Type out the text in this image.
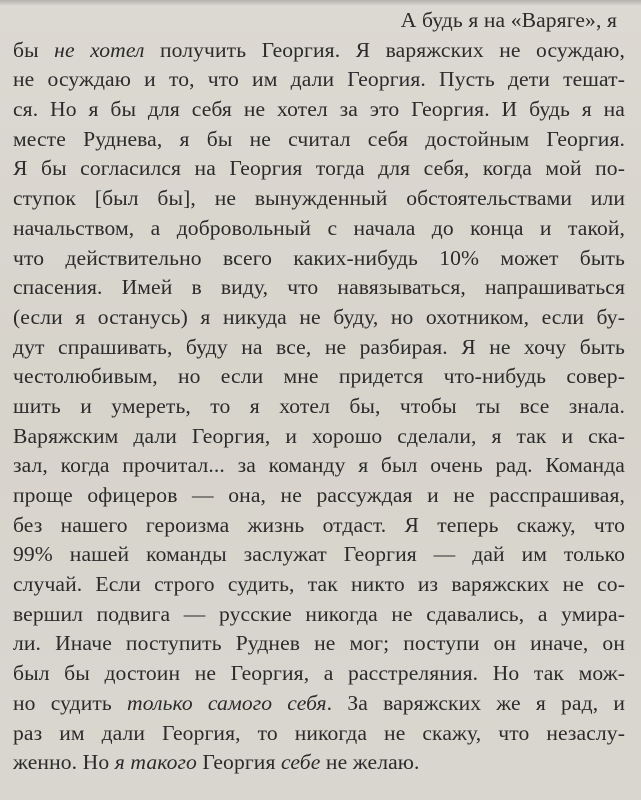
А будь я на «Варяге», я
бы не хотел получить Георгия. Я варяжских не осуждаю,
не осуждаю и то, что им дали Георгия. Пусть дети тешат-
ся. Но я бы для себя не хотел за это Георгия. И будь я на
месте Руднева, я бы не считал себя достойным Георгия.
Я бы согласился на Георгия тогда для себя, когда мой по-
ступок [был бы], не вынужденный обстоятельствами или
начальством, а добровольный с начала до конца и такой,
что действительно всего каких-нибудь 10% может быть
спасения. Имей в виду, что навязываться, напрашиваться
(если я останусь) я никуда не буду, но охотником, если бу-
дут спрашивать, буду на все, не разбирая. Я не хочу быть
честолюбивым, но если мне придется что-нибудь совер-
шить и умереть, то я хотел бы, чтобы ты все знала.
Варяжским дали Георгия, и хорошо сделали, я так и ска-
зал, когда прочитал... за команду я был очень рад. Команда
проще офицеров — она, не рассуждая и не расспрашивая,
без нашего героизма жизнь отдаст. Я теперь скажу, что
99% нашей команды заслужат Георгия — дай им только
случай. Если строго судить, так никто из варяжских не со-
вершил подвига — русские никогда не сдавались, а умира-
ли. Иначе поступить Руднев не мог; поступи он иначе, он
был бы достоин не Георгия, а расстреляния. Но так мож-
но судить только самого себя. За варяжских же я рад, и
раз им дали Георгия, то никогда не скажу, что незаслу-
женно. Но я такого Георгия себе не желаю.
